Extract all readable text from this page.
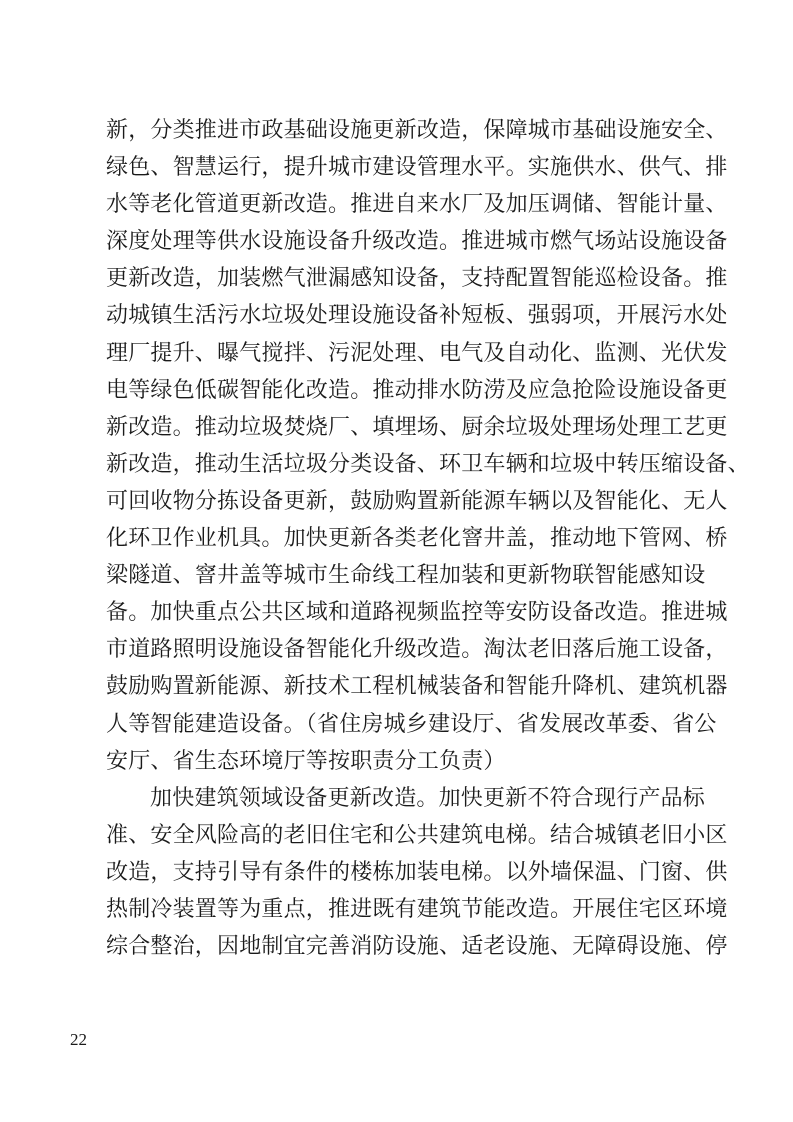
新，分类推进市政基础设施更新改造，保障城市基础设施安全、
绿色、智慧运行，提升城市建设管理水平。实施供水、供气、排
水等老化管道更新改造。推进自来水厂及加压调储、智能计量、
深度处理等供水设施设备升级改造。推进城市燃气场站设施设备
更新改造，加装燃气泄漏感知设备，支持配置智能巡检设备。推
动城镇生活污水垃圾处理设施设备补短板、强弱项，开展污水处
理厂提升、曝气搅拌、污泥处理、电气及自动化、监测、光伏发
电等绿色低碳智能化改造。推动排水防涝及应急抢险设施设备更
新改造。推动垃圾焚烧厂、填埋场、厨余垃圾处理场处理工艺更
新改造，推动生活垃圾分类设备、环卫车辆和垃圾中转压缩设备、
可回收物分拣设备更新，鼓励购置新能源车辆以及智能化、无人
化环卫作业机具。加快更新各类老化窨井盖，推动地下管网、桥
梁隧道、窨井盖等城市生命线工程加装和更新物联智能感知设
备。加快重点公共区域和道路视频监控等安防设备改造。推进城
市道路照明设施设备智能化升级改造。淘汰老旧落后施工设备，
鼓励购置新能源、新技术工程机械装备和智能升降机、建筑机器
人等智能建造设备。（省住房城乡建设厅、省发展改革委、省公
安厅、省生态环境厅等按职责分工负责）
加快建筑领域设备更新改造。加快更新不符合现行产品标
准、安全风险高的老旧住宅和公共建筑电梯。结合城镇老旧小区
改造，支持引导有条件的楼栋加装电梯。以外墙保温、门窗、供
热制冷装置等为重点，推进既有建筑节能改造。开展住宅区环境
综合整治，因地制宜完善消防设施、适老设施、无障碍设施、停
22
